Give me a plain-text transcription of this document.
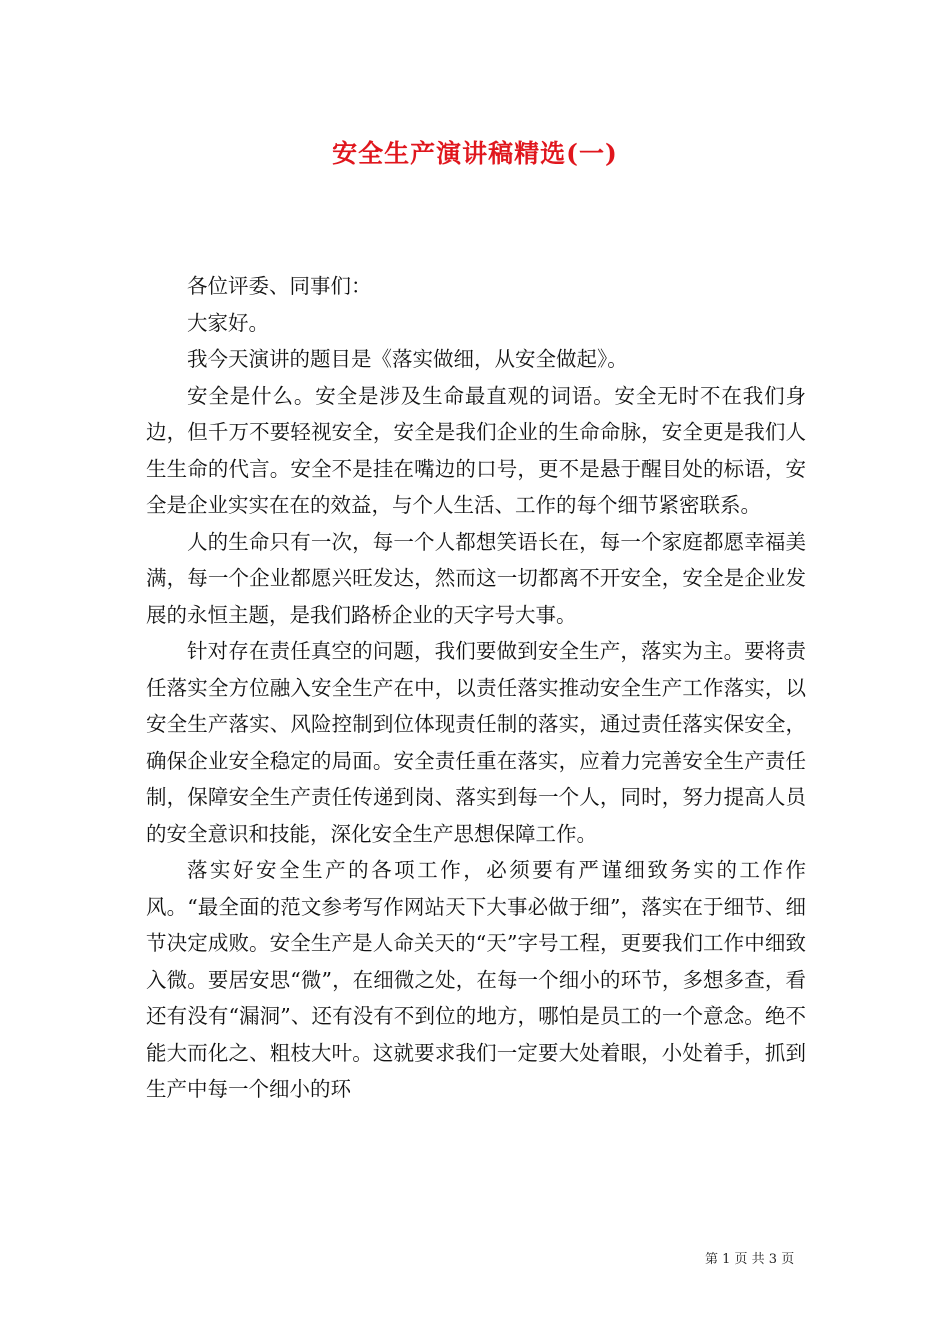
安全生产演讲稿精选(一)

各位评委、同事们：

大家好。

我今天演讲的题目是《落实做细，从安全做起》。

安全是什么。安全是涉及生命最直观的词语。安全无时不在我们身边，但千万不要轻视安全，安全是我们企业的生命命脉，安全更是我们人生生命的代言。安全不是挂在嘴边的口号，更不是悬于醒目处的标语，安全是企业实实在在的效益，与个人生活、工作的每个细节紧密联系。

人的生命只有一次，每一个人都想笑语长在，每一个家庭都愿幸福美满，每一个企业都愿兴旺发达，然而这一切都离不开安全，安全是企业发展的永恒主题，是我们路桥企业的天字号大事。

针对存在责任真空的问题，我们要做到安全生产，落实为主。要将责任落实全方位融入安全生产在中，以责任落实推动安全生产工作落实，以安全生产落实、风险控制到位体现责任制的落实，通过责任落实保安全，确保企业安全稳定的局面。安全责任重在落实，应着力完善安全生产责任制，保障安全生产责任传递到岗、落实到每一个人，同时，努力提高人员的安全意识和技能，深化安全生产思想保障工作。

落实好安全生产的各项工作，必须要有严谨细致务实的工作作风。“最全面的范文参考写作网站天下大事必做于细”，落实在于细节、细节决定成败。安全生产是人命关天的“天”字号工程，更要我们工作中细致入微。要居安思“微”，在细微之处，在每一个细小的环节，多想多查，看还有没有“漏洞”、还有没有不到位的地方，哪怕是员工的一个意念。绝不能大而化之、粗枝大叶。这就要求我们一定要大处着眼，小处着手，抓到生产中每一个细小的环

第 1 页 共 3 页
